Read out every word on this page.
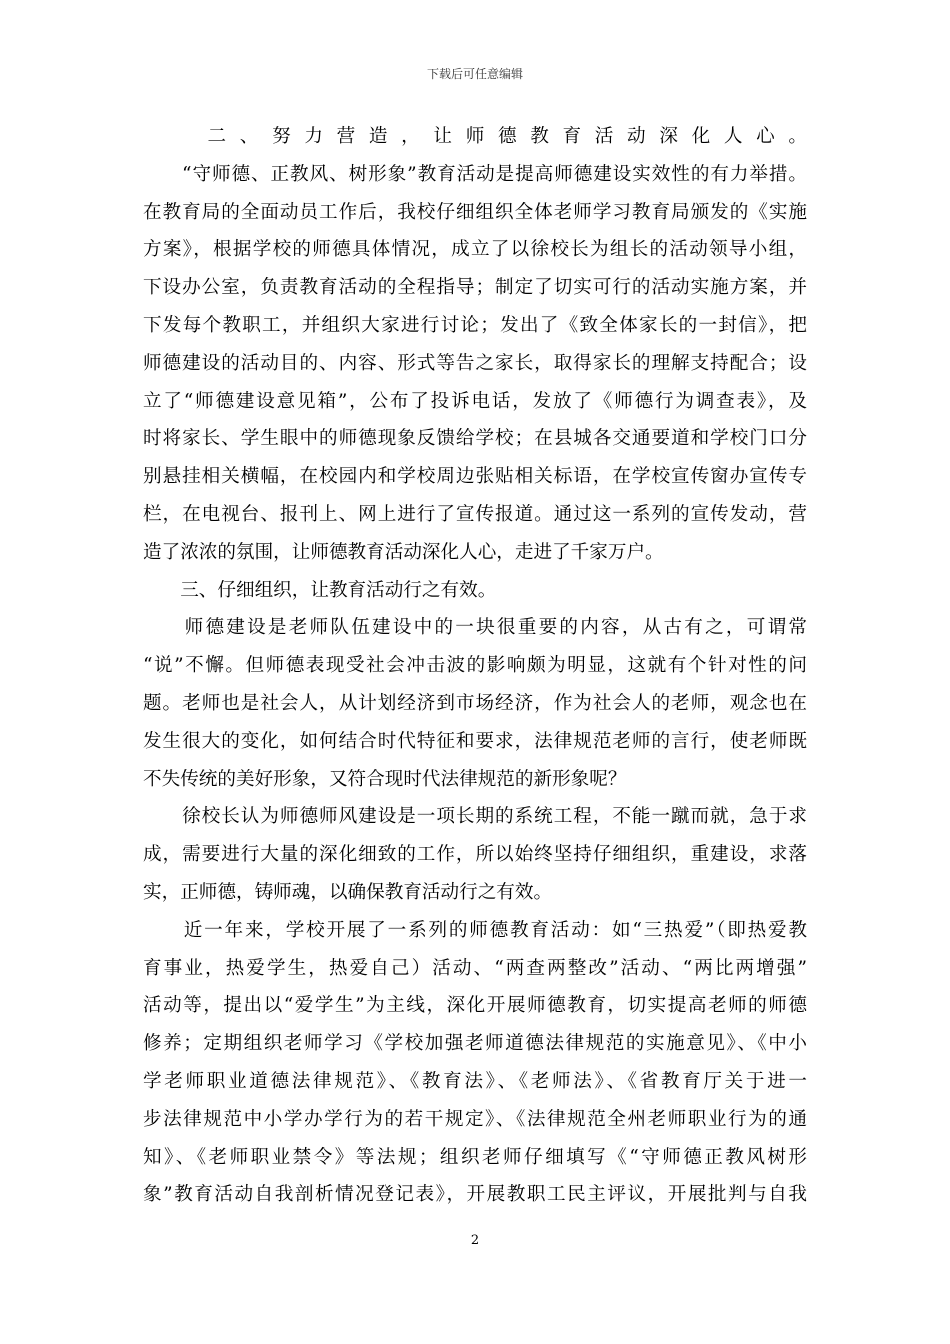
下载后可任意编辑
　　二、努力营造，让师德教育活动深化人心。
　　“守师德、正教风、树形象”教育活动是提高师德建设实效性的有力举措。
在教育局的全面动员工作后，我校仔细组织全体老师学习教育局颁发的《实施
方案》，根据学校的师德具体情况，成立了以徐校长为组长的活动领导小组，
下设办公室，负责教育活动的全程指导；制定了切实可行的活动实施方案，并
下发每个教职工，并组织大家进行讨论；发出了《致全体家长的一封信》，把
师德建设的活动目的、内容、形式等告之家长，取得家长的理解支持配合；设
立了“师德建设意见箱”，公布了投诉电话，发放了《师德行为调查表》，及
时将家长、学生眼中的师德现象反馈给学校；在县城各交通要道和学校门口分
别悬挂相关横幅，在校园内和学校周边张贴相关标语，在学校宣传窗办宣传专
栏，在电视台、报刊上、网上进行了宣传报道。通过这一系列的宣传发动，营
造了浓浓的氛围，让师德教育活动深化人心，走进了千家万户。
　　三、仔细组织，让教育活动行之有效。
　　师德建设是老师队伍建设中的一块很重要的内容，从古有之，可谓常
“说”不懈。但师德表现受社会冲击波的影响颇为明显，这就有个针对性的问
题。老师也是社会人，从计划经济到市场经济，作为社会人的老师，观念也在
发生很大的变化，如何结合时代特征和要求，法律规范老师的言行，使老师既
不失传统的美好形象，又符合现时代法律规范的新形象呢？
　　徐校长认为师德师风建设是一项长期的系统工程，不能一蹴而就，急于求
成，需要进行大量的深化细致的工作，所以始终坚持仔细组织，重建设，求落
实，正师德，铸师魂，以确保教育活动行之有效。
　　近一年来，学校开展了一系列的师德教育活动：如“三热爱”（即热爱教
育事业，热爱学生，热爱自己）活动、“两查两整改”活动、“两比两增强”
活动等，提出以“爱学生”为主线，深化开展师德教育，切实提高老师的师德
修养；定期组织老师学习《学校加强老师道德法律规范的实施意见》、《中小
学老师职业道德法律规范》、《教育法》、《老师法》、《省教育厅关于进一
步法律规范中小学办学行为的若干规定》、《法律规范全州老师职业行为的通
知》、《老师职业禁令》等法规；组织老师仔细填写《“守师德正教风树形
象”教育活动自我剖析情况登记表》，开展教职工民主评议，开展批判与自我
2
